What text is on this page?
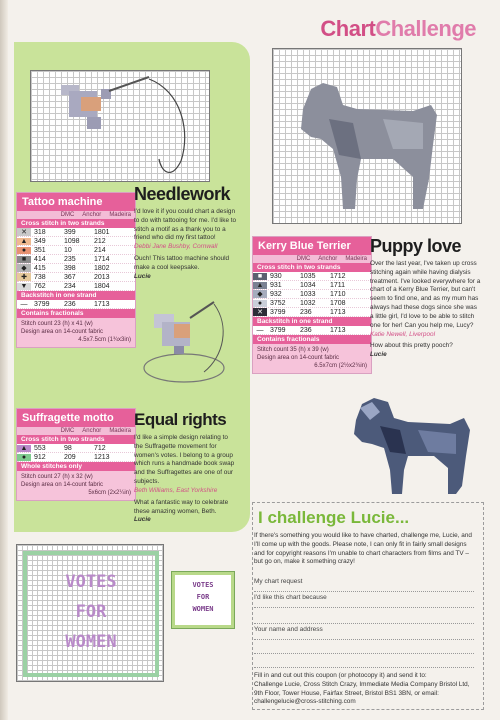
ChartChallenge
Tattoo machine
DMC Anchor Madeira
Cross stitch in two strands
✕	318	399	1801
▲ 349	1098	212
●	351	10	214
■	414	235	1714
◆	415	398	1802
✚	738	367	2013
▼ 762	234	1804
Backstitch in one strand
— 3799	236	1713
Contains fractionals
Stitch count 23 (h) x 41 (w)
Design area on 14-count fabric
4.5x7.5cm (1¾x3in)
Needlework
I'd love it if you could chart a design to do with tattooing for me. I'd like to stitch a motif as a thank you to a friend who did my first tattoo!
Debbi Jane Bushby, Cornwall

Ouch! This tattoo machine should make a cool keepsake.
Lucie
Suffragette motto
DMC Anchor Madeira
Cross stitch in two strands
▲ 553	98	712
●	912	209	1213
Whole stitches only
Stitch count 27 (h) x 32 (w)
Design area on 14-count fabric
5x6cm (2x2¼in)
Equal rights
I'd like a simple design relating to the Suffragette movement for women's votes. I belong to a group which runs a handmade book swap and the Suffragettes are one of our subjects.
Beth Williams, East Yorkshire

What a fantastic way to celebrate these amazing women, Beth.
Lucie
VOTES
FOR
WOMEN
VOTES
FOR
WOMEN
Kerry Blue Terrier
DMC Anchor Madeira
Cross stitch in two strands
■	930	1035	1712
▲ 931	1034	1711
◆	932	1033	1710
●	3752	1032	1708
✕	3799	236	1713
Backstitch in one strand
— 3799	236	1713
Contains fractionals
Stitch count 35 (h) x 39 (w)
Design area on 14-count fabric
6.5x7cm (2½x2¾in)
Puppy love
Over the last year, I've taken up cross stitching again while having dialysis treatment. I've looked everywhere for a chart of a Kerry Blue Terrier, but can't seem to find one, and as my mum has always had these dogs since she was a little girl, I'd love to be able to stitch one for her! Can you help me, Lucy?
Katie Newell, Liverpool

How about this pretty pooch?
Lucie
I challenge Lucie...
If there's something you would like to have charted, challenge me, Lucie, and I'll come up with the goods. Please note, I can only fit in fairly small designs and for copyright reasons I'm unable to chart characters from films and TV – but go on, make it something crazy!
My chart request
I'd like this chart because
Your name and address
Fill in and cut out this coupon (or photocopy it) and send it to:
Challenge Lucie, Cross Stitch Crazy, Immediate Media Company Bristol Ltd, 9th Floor, Tower House, Fairfax Street, Bristol BS1 3BN, or email:
challengelucie@cross-stitching.com
